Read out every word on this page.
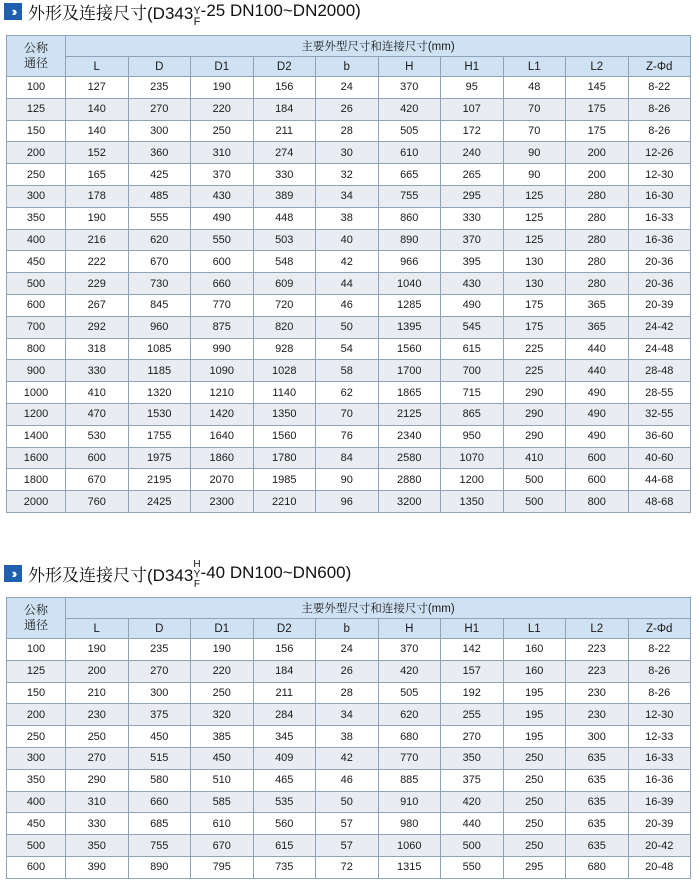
›› 外形及连接尺寸(D343 Y
F
-25 DN100~DN2000)
公称
通径	主要外型尺寸和连接尺寸(mm)									
	L	D	D1	D2	b	H	H1	L1	L2	Z-Φd
100	127	235	190	156	24	370	95	48	145	8-22
125	140	270	220	184	26	420	107	70	175	8-26
150	140	300	250	211	28	505	172	70	175	8-26
200	152	360	310	274	30	610	240	90	200	12-26
250	165	425	370	330	32	665	265	90	200	12-30
300	178	485	430	389	34	755	295	125	280	16-30
350	190	555	490	448	38	860	330	125	280	16-33
400	216	620	550	503	40	890	370	125	280	16-36
450	222	670	600	548	42	966	395	130	280	20-36
500	229	730	660	609	44	1040	430	130	280	20-36
600	267	845	770	720	46	1285	490	175	365	20-39
700	292	960	875	820	50	1395	545	175	365	24-42
800	318	1085	990	928	54	1560	615	225	440	24-48
900	330	1185	1090	1028	58	1700	700	225	440	28-48
1000	410	1320	1210	1140	62	1865	715	290	490	28-55
1200	470	1530	1420	1350	70	2125	865	290	490	32-55
1400	530	1755	1640	1560	76	2340	950	290	490	36-60
1600	600	1975	1860	1780	84	2580	1070	410	600	40-60
1800	670	2195	2070	1985	90	2880	1200	500	600	44-68
2000	760	2425	2300	2210	96	3200	1350	500	800	48-68
›› 外形及连接尺寸(D343
H
Y
F
-40 DN100~DN600)
公称
通径	主要外型尺寸和连接尺寸(mm)									
	L	D	D1	D2	b	H	H1	L1	L2	Z-Φd
100	190	235	190	156	24	370	142	160	223	8-22
125	200	270	220	184	26	420	157	160	223	8-26
150	210	300	250	211	28	505	192	195	230	8-26
200	230	375	320	284	34	620	255	195	230	12-30
250	250	450	385	345	38	680	270	195	300	12-33
300	270	515	450	409	42	770	350	250	635	16-33
350	290	580	510	465	46	885	375	250	635	16-36
400	310	660	585	535	50	910	420	250	635	16-39
450	330	685	610	560	57	980	440	250	635	20-39
500	350	755	670	615	57	1060	500	250	635	20-42
600	390	890	795	735	72	1315	550	295	680	20-48
